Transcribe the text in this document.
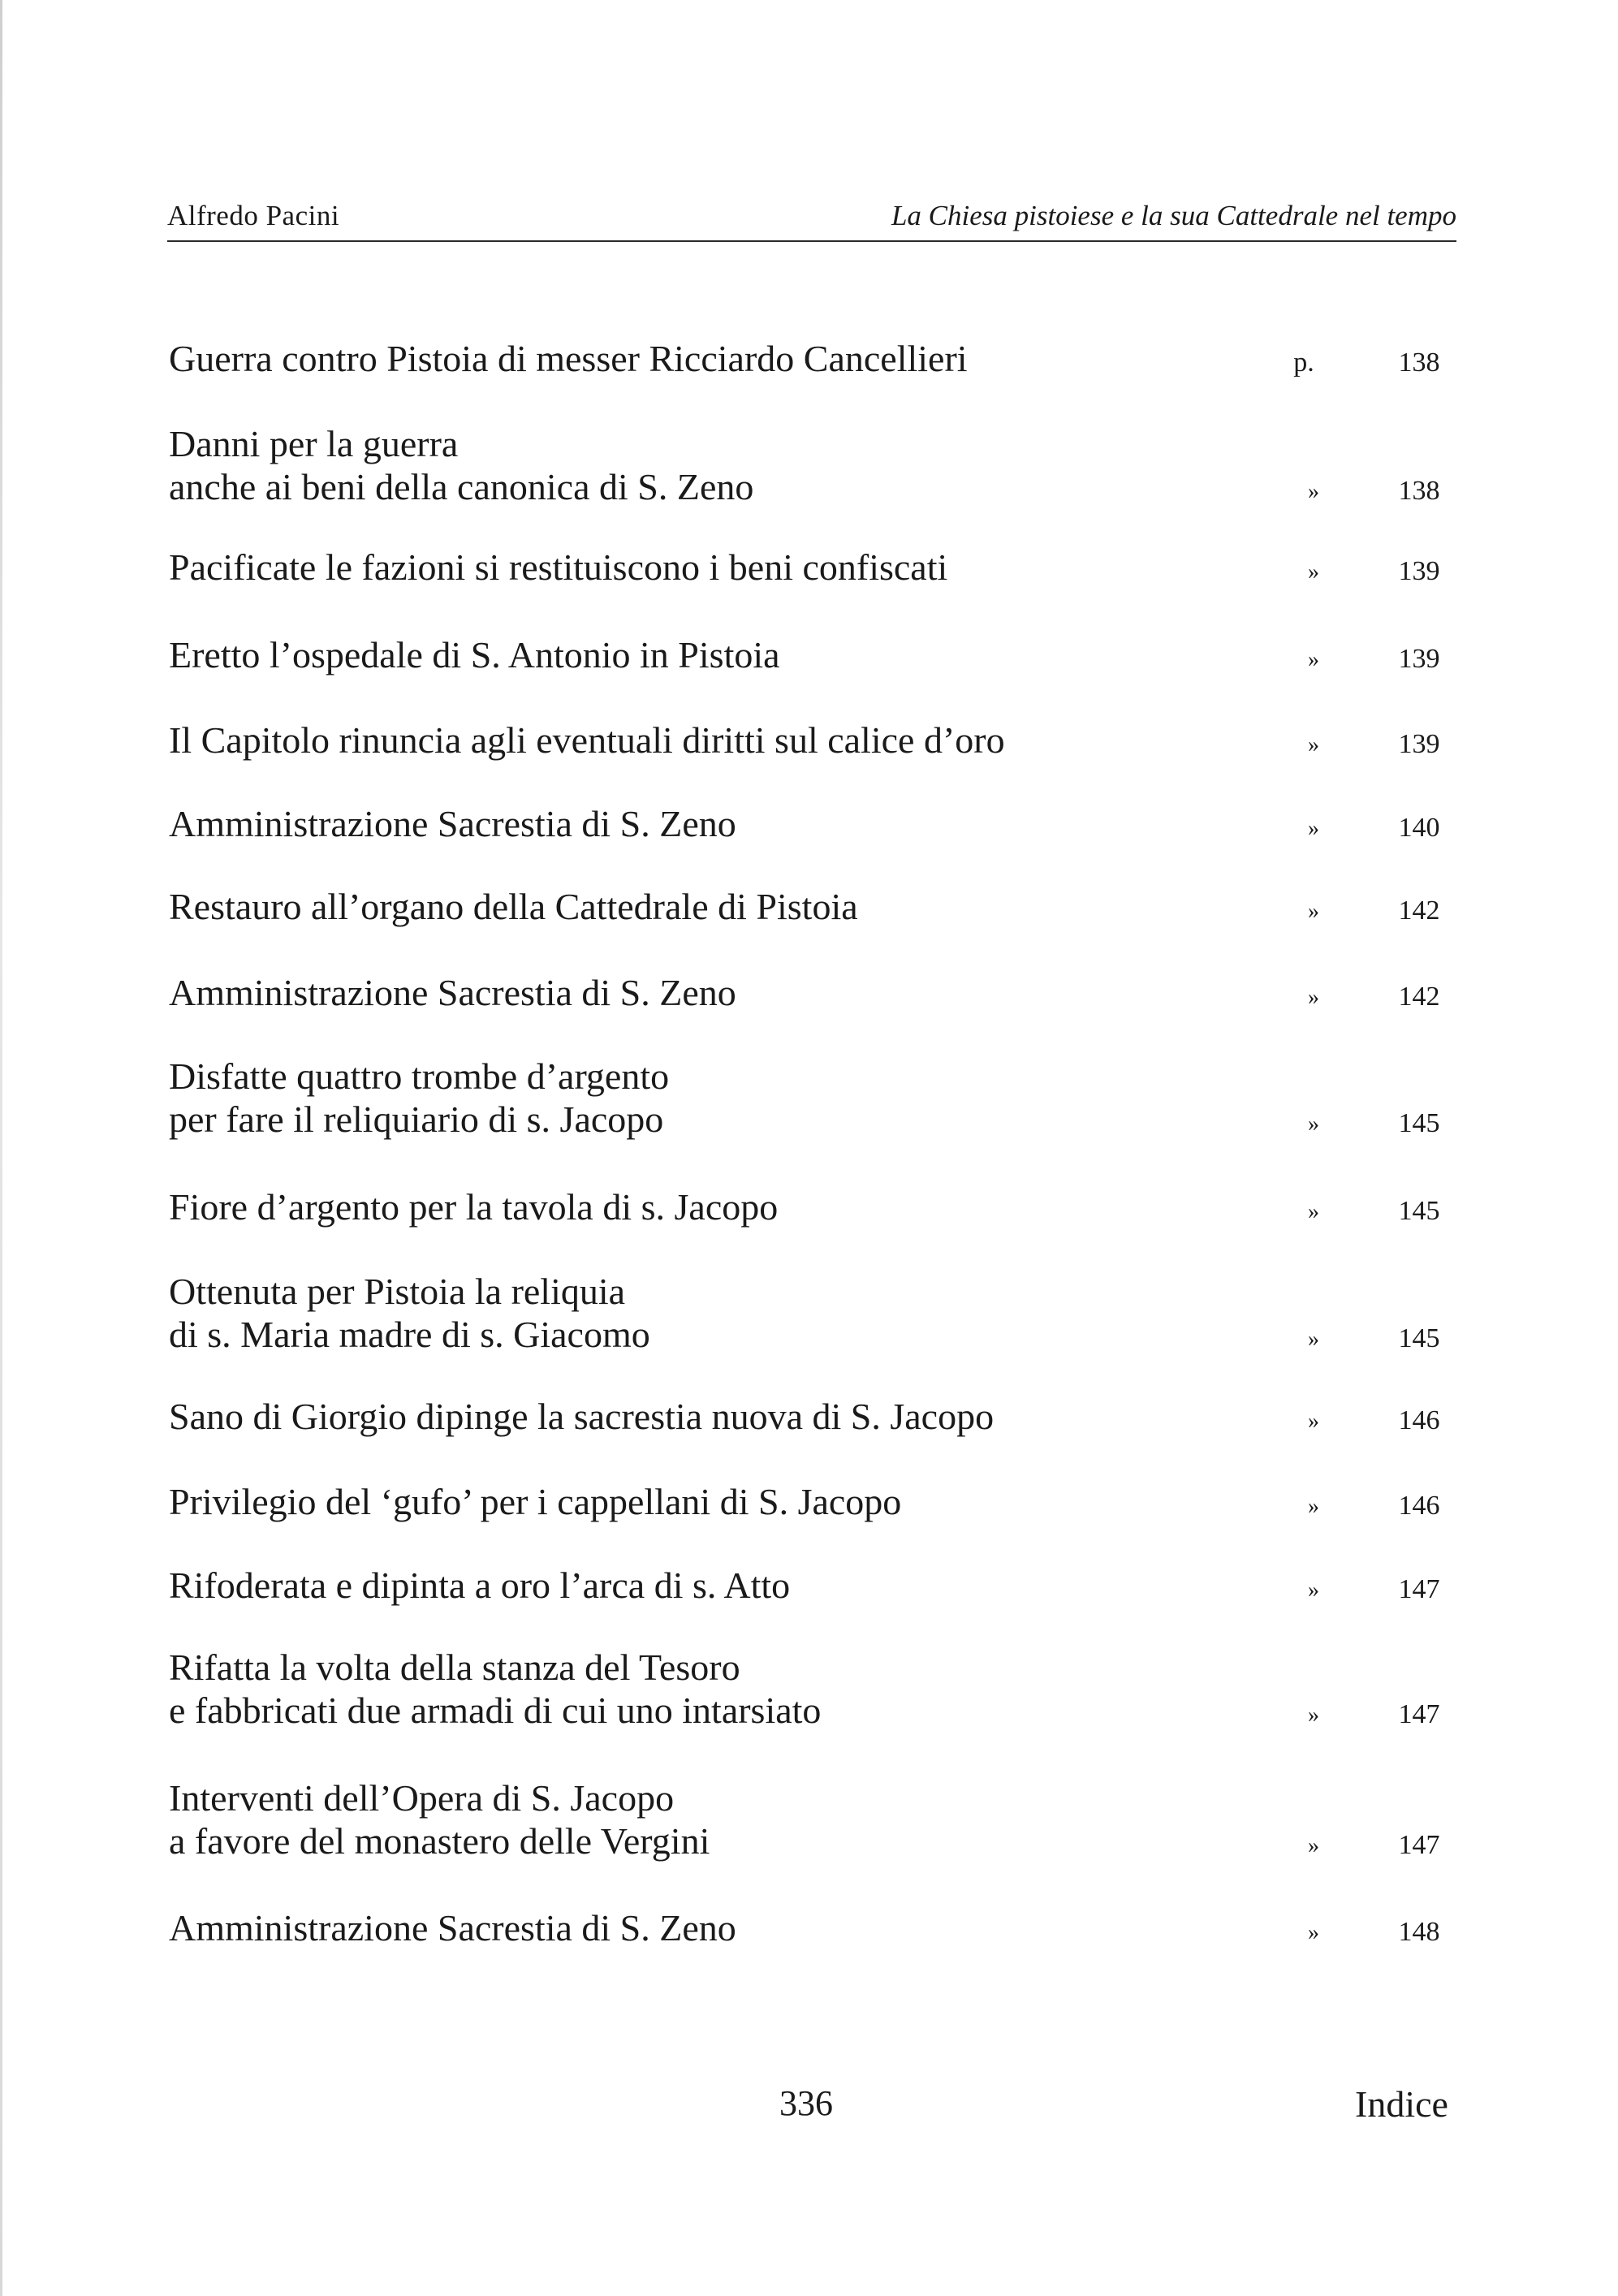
Alfredo Pacini	La Chiesa pistoiese e la sua Cattedrale nel tempo
Guerra contro Pistoia di messer Ricciardo Cancellieri	p.	138
Danni per la guerra
anche ai beni della canonica di S. Zeno	»	138
Pacificate le fazioni si restituiscono i beni confiscati	»	139
Eretto l’ospedale di S. Antonio in Pistoia	»	139
Il Capitolo rinuncia agli eventuali diritti sul calice d’oro	»	139
Amministrazione Sacrestia di S. Zeno	»	140
Restauro all’organo della Cattedrale di Pistoia	»	142
Amministrazione Sacrestia di S. Zeno	»	142
Disfatte quattro trombe d’argento
per fare il reliquiario di s. Jacopo	»	145
Fiore d’argento per la tavola di s. Jacopo	»	145
Ottenuta per Pistoia la reliquia
di s. Maria madre di s. Giacomo	»	145
Sano di Giorgio dipinge la sacrestia nuova di S. Jacopo	»	146
Privilegio del ‘gufo’ per i cappellani di S. Jacopo	»	146
Rifoderata e dipinta a oro l’arca di s. Atto	»	147
Rifatta la volta della stanza del Tesoro
e fabbricati due armadi di cui uno intarsiato	»	147
Interventi dell’Opera di S. Jacopo
a favore del monastero delle Vergini	»	147
Amministrazione Sacrestia di S. Zeno	»	148
336	Indice
